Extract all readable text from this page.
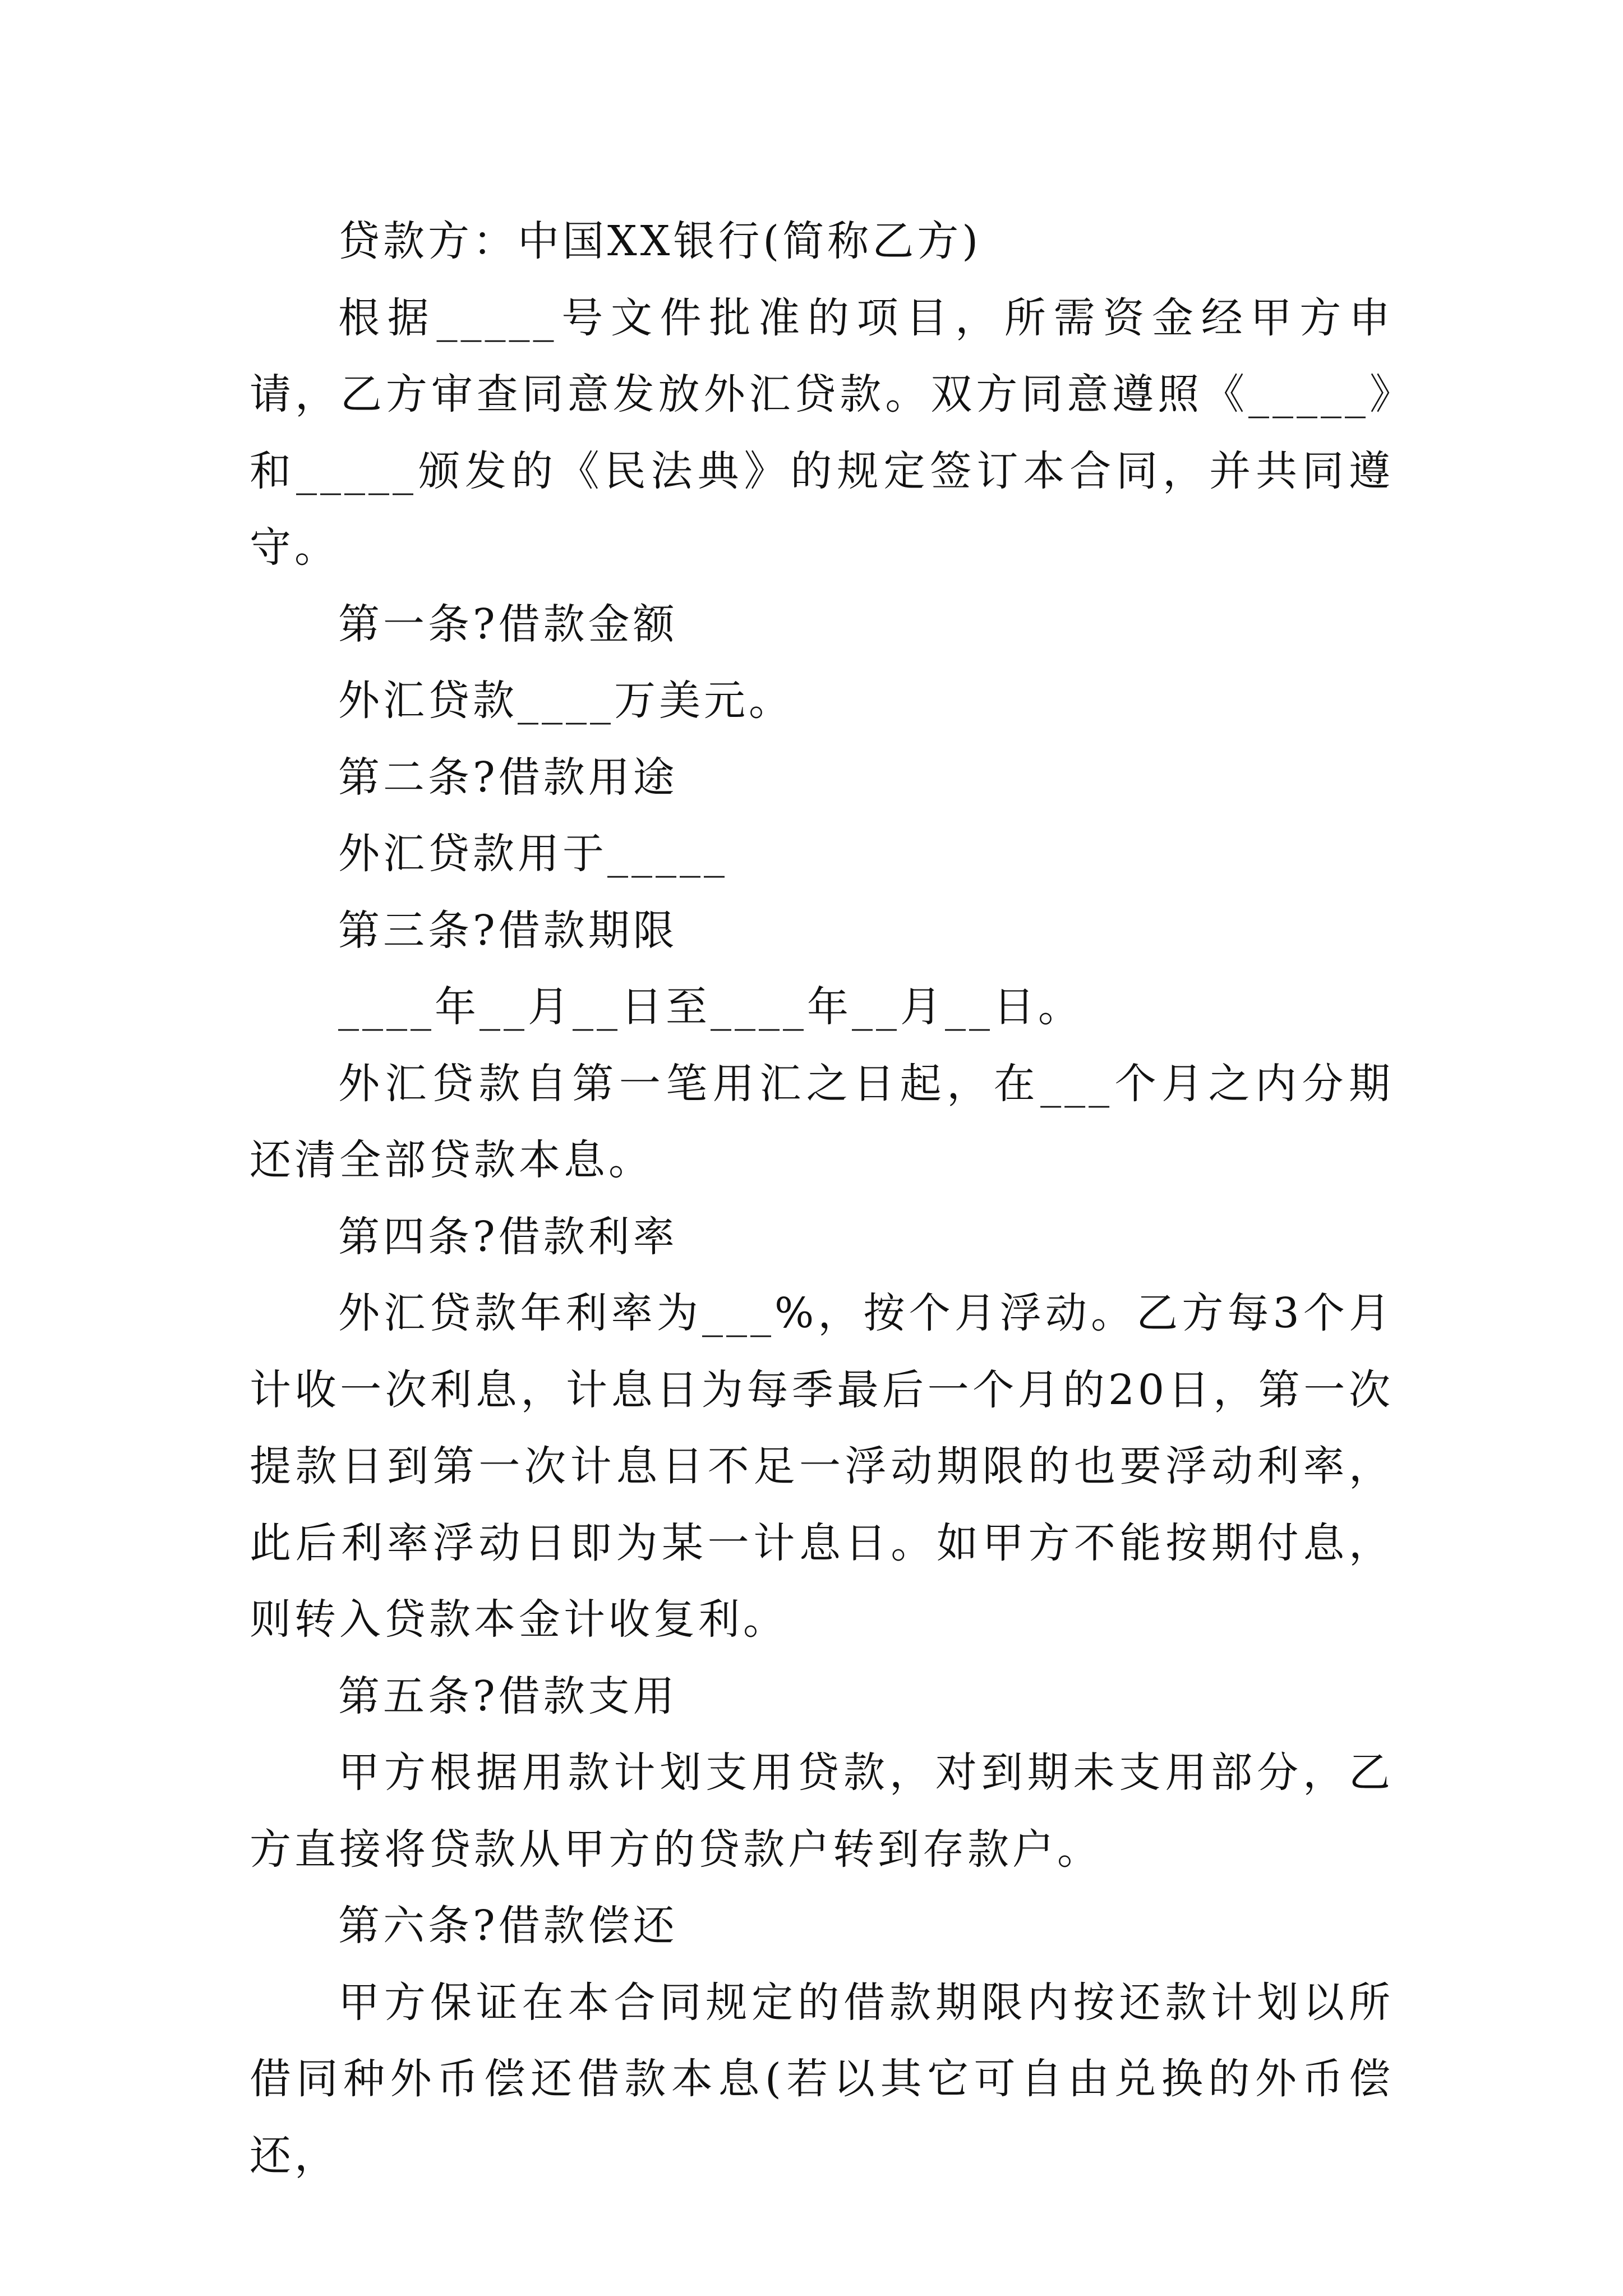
贷款方：中国XX银行(简称乙方)

根据_____号文件批准的项目，所需资金经甲方申请，乙方审查同意发放外汇贷款。双方同意遵照《_____》和_____颁发的《民法典》的规定签订本合同，并共同遵守。

第一条?借款金额

外汇贷款____万美元。

第二条?借款用途

外汇贷款用于_____

第三条?借款期限

____年__月__日至____年__月__日。

外汇贷款自第一笔用汇之日起，在___个月之内分期还清全部贷款本息。

第四条?借款利率

外汇贷款年利率为___%，按个月浮动。乙方每3个月计收一次利息，计息日为每季最后一个月的20日，第一次提款日到第一次计息日不足一浮动期限的也要浮动利率，此后利率浮动日即为某一计息日。如甲方不能按期付息，则转入贷款本金计收复利。

第五条?借款支用

甲方根据用款计划支用贷款，对到期未支用部分，乙方直接将贷款从甲方的贷款户转到存款户。

第六条?借款偿还

甲方保证在本合同规定的借款期限内按还款计划以所借同种外币偿还借款本息(若以其它可自由兑换的外币偿还，
